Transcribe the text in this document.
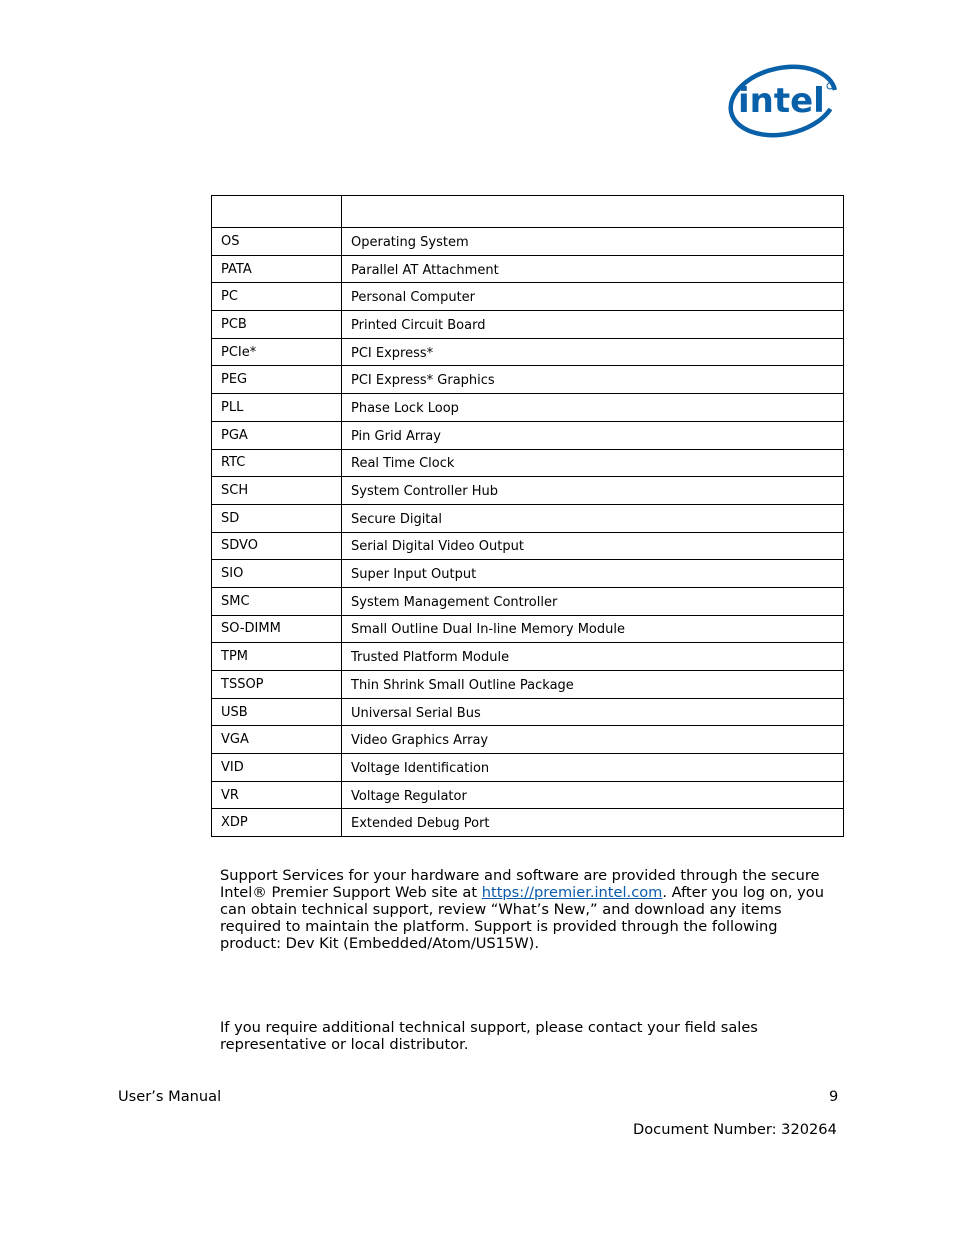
intel

OS	Operating System
PATA	Parallel AT Attachment
PC	Personal Computer
PCB	Printed Circuit Board
PCIe*	PCI Express*
PEG	PCI Express* Graphics
PLL	Phase Lock Loop
PGA	Pin Grid Array
RTC	Real Time Clock
SCH	System Controller Hub
SD	Secure Digital
SDVO	Serial Digital Video Output
SIO	Super Input Output
SMC	System Management Controller
SO-DIMM	Small Outline Dual In-line Memory Module
TPM	Trusted Platform Module
TSSOP	Thin Shrink Small Outline Package
USB	Universal Serial Bus
VGA	Video Graphics Array
VID	Voltage Identification
VR	Voltage Regulator
XDP	Extended Debug Port
Support Services for your hardware and software are provided through the secure Intel® Premier Support Web site at https://premier.intel.com. After you log on, you can obtain technical support, review “What’s New,” and download any items required to maintain the platform. Support is provided through the following product: Dev Kit (Embedded/Atom/US15W).
If you require additional technical support, please contact your field sales representative or local distributor.
User’s Manual	9
Document Number: 320264
